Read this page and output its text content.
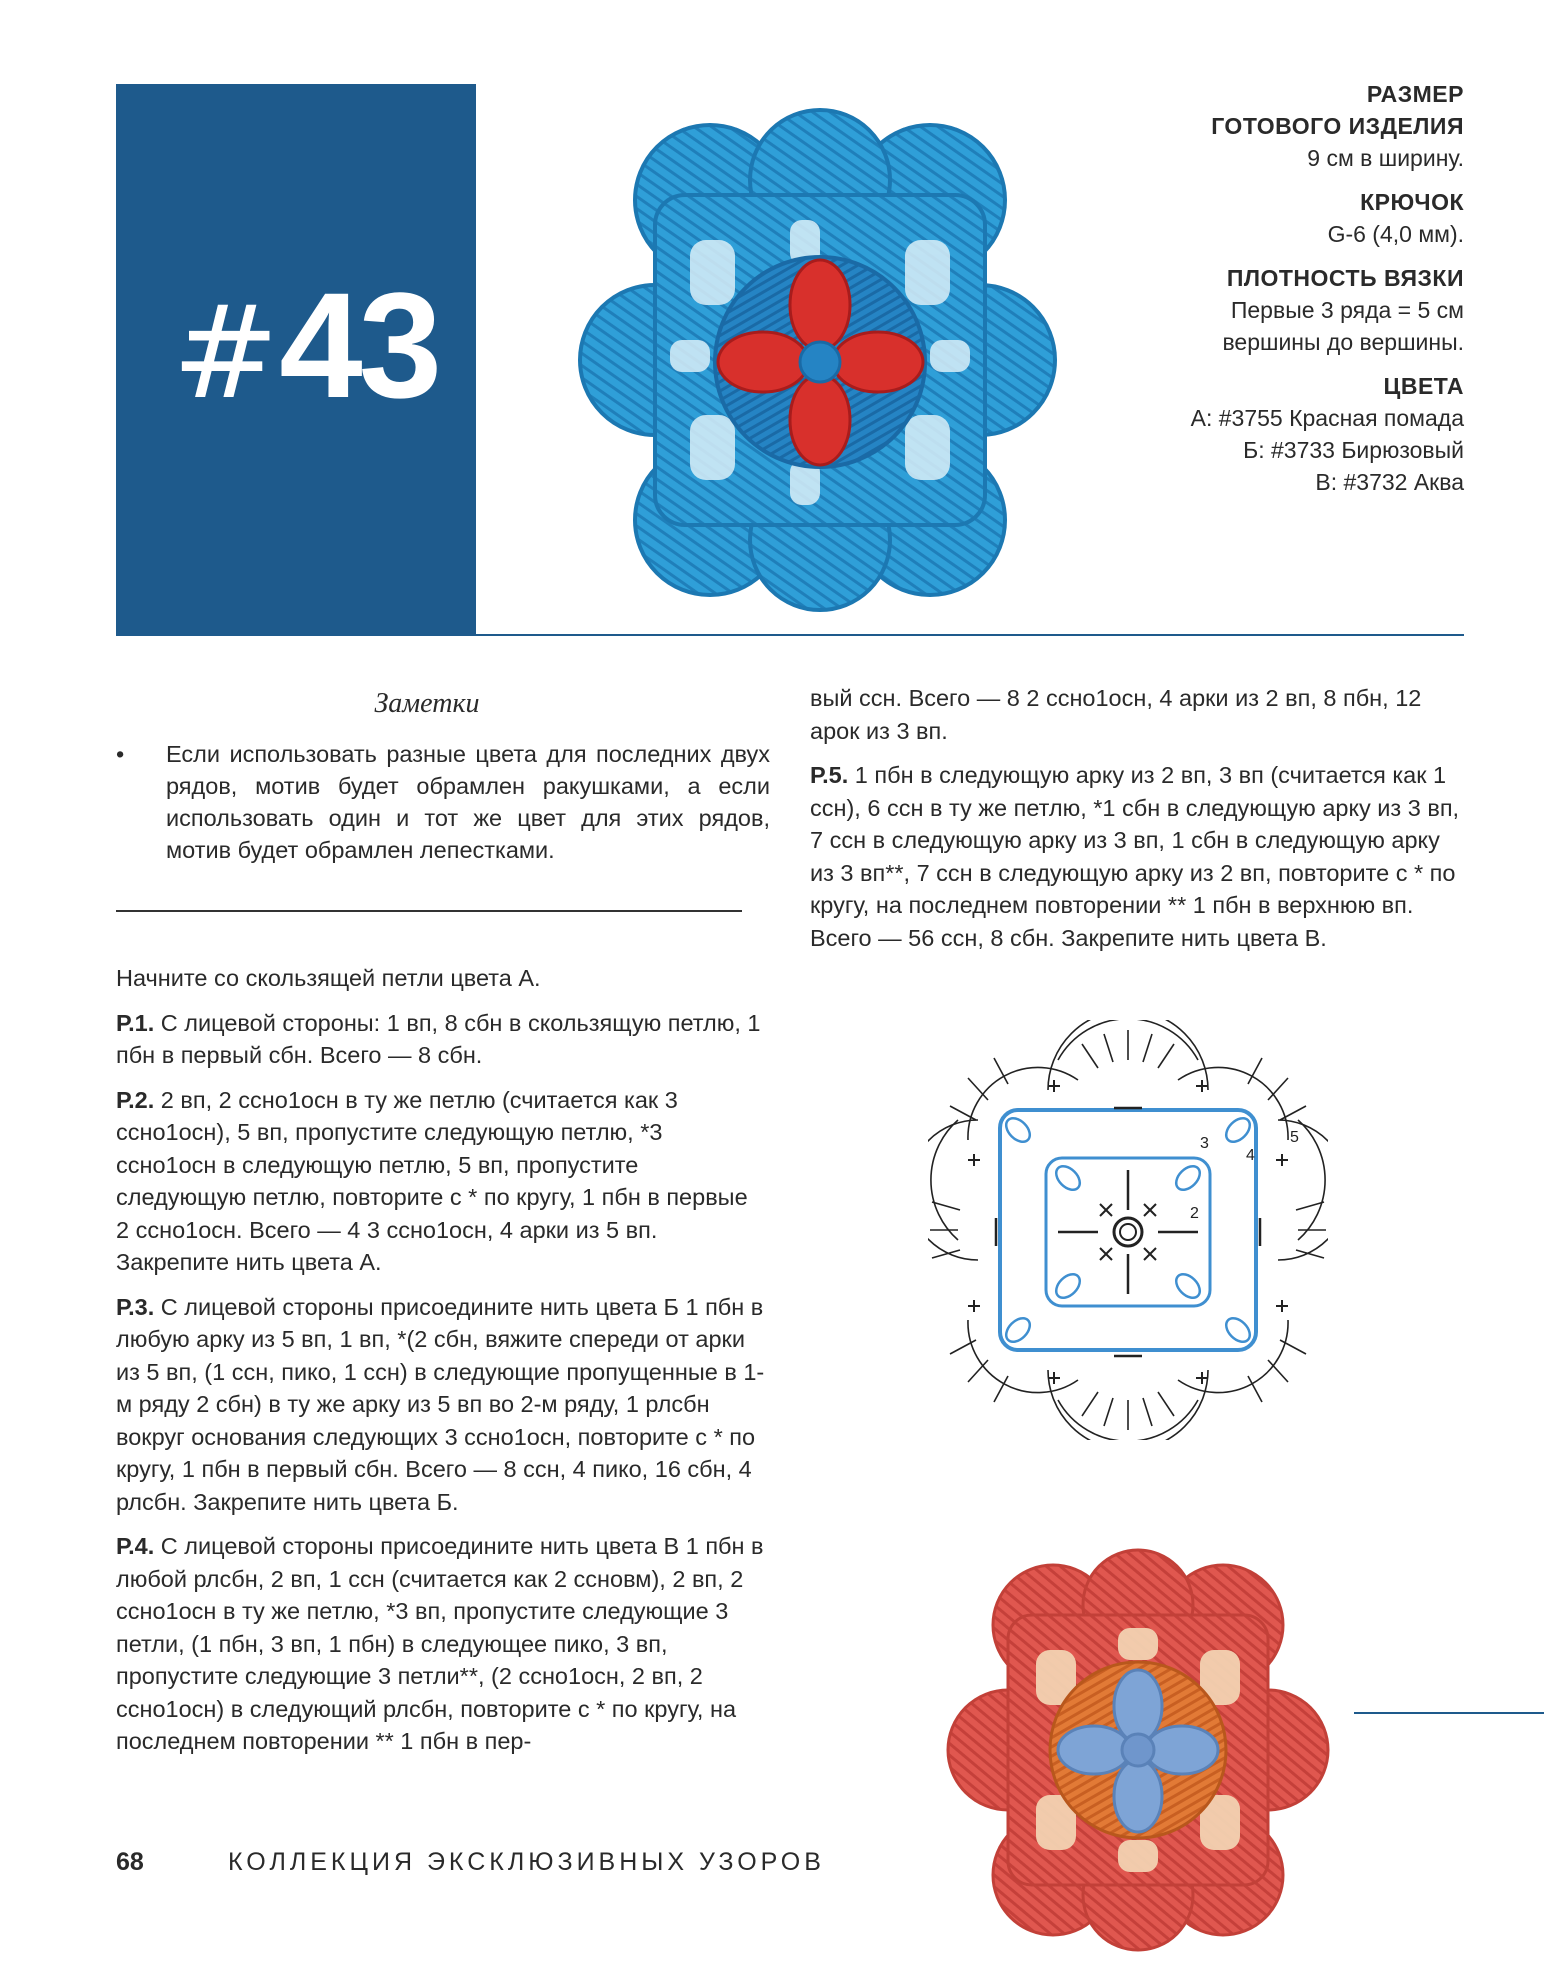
#43
РАЗМЕР
ГОТОВОГО ИЗДЕЛИЯ
9 см в ширину.
КРЮЧОК
G-6 (4,0 мм).
ПЛОТНОСТЬ ВЯЗКИ
Первые 3 ряда = 5 см
вершины до вершины.
ЦВЕТА
А: #3755 Красная помада
Б: #3733 Бирюзовый
В: #3732 Аква
Заметки
• Если использовать разные цвета для последних двух рядов, мотив будет обрамлен ракушками, а если использовать один и тот же цвет для этих рядов, мотив будет обрамлен лепестками.

Начните со скользящей петли цвета А.

Р.1. С лицевой стороны: 1 вп, 8 сбн в скользящую петлю, 1 пбн в первый сбн. Всего — 8 сбн.

Р.2. 2 вп, 2 ссно1осн в ту же петлю (считается как 3 ссно1осн), 5 вп, пропустите следующую петлю, *3 ссно1осн в следующую петлю, 5 вп, пропустите следующую петлю, повторите с * по кругу, 1 пбн в первые 2 ссно1осн. Всего — 4 3 ссно1осн, 4 арки из 5 вп. Закрепите нить цвета А.

Р.3. С лицевой стороны присоедините нить цвета Б 1 пбн в любую арку из 5 вп, 1 вп, *(2 сбн, вяжите спереди от арки из 5 вп, (1 ссн, пико, 1 ссн) в следующие пропущенные в 1-м ряду 2 сбн) в ту же арку из 5 вп во 2-м ряду, 1 рлсбн вокруг основания следующих 3 ссно1осн, повторите с * по кругу, 1 пбн в первый сбн. Всего — 8 ссн, 4 пико, 16 сбн, 4 рлсбн. Закрепите нить цвета Б.

Р.4. С лицевой стороны присоедините нить цвета В 1 пбн в любой рлсбн, 2 вп, 1 ссн (считается как 2 ссновм), 2 вп, 2 ссно1осн в ту же петлю, *3 вп, пропустите следующие 3 петли, (1 пбн, 3 вп, 1 пбн) в следующее пико, 3 вп, пропустите следующие 3 петли**, (2 ссно1осн, 2 вп, 2 ссно1осн) в следующий рлсбн, повторите с * по кругу, на последнем повторении ** 1 пбн в пер-

вый ссн. Всего — 8 2 ссно1осн, 4 арки из 2 вп, 8 пбн, 12 арок из 3 вп.

Р.5. 1 пбн в следующую арку из 2 вп, 3 вп (считается как 1 ссн), 6 ссн в ту же петлю, *1 сбн в следующую арку из 3 вп, 7 ссн в следующую арку из 3 вп, 1 сбн в следующую арку из 3 вп**, 7 ссн в следующую арку из 2 вп, повторите с * по кругу, на последнем повторении ** 1 пбн в верхнюю вп. Всего — 56 ссн, 8 сбн. Закрепите нить цвета В.

2
3
4
5
68	КОЛЛЕКЦИЯ ЭКСКЛЮЗИВНЫХ УЗОРОВ
